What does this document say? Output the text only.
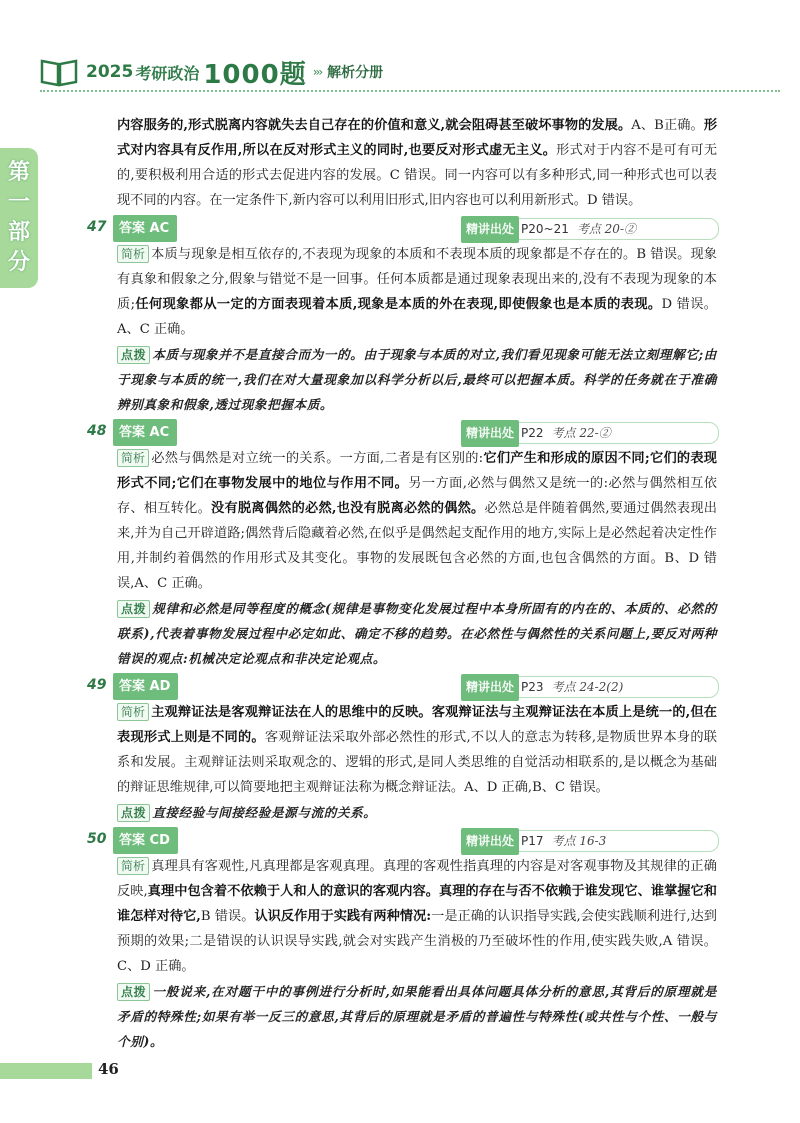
2025 考研政治 1000题 ››› 解析分册
第
一
部
分

内容服务的,形式脱离内容就失去自己存在的价值和意义,就会阻碍甚至破坏事物的发展。A、B正确。形式对内容具有反作用,所以在反对形式主义的同时,也要反对形式虚无主义。形式对于内容不是可有可无的,要积极利用合适的形式去促进内容的发展。C 错误。同一内容可以有多种形式,同一种形式也可以表现不同的内容。在一定条件下,新内容可以利用旧形式,旧内容也可以利用新形式。D 错误。

47 答案 AC	精讲出处 P20~21 考点 20-②

简析 本质与现象是相互依存的,不表现为现象的本质和不表现本质的现象都是不存在的。B 错误。现象有真象和假象之分,假象与错觉不是一回事。任何本质都是通过现象表现出来的,没有不表现为现象的本质;任何现象都从一定的方面表现着本质,现象是本质的外在表现,即使假象也是本质的表现。D 错误。A、C 正确。

点拨 本质与现象并不是直接合而为一的。由于现象与本质的对立,我们看见现象可能无法立刻理解它;由于现象与本质的统一,我们在对大量现象加以科学分析以后,最终可以把握本质。科学的任务就在于准确辨别真象和假象,透过现象把握本质。

48 答案 AC	精讲出处 P22 考点 22-②

简析 必然与偶然是对立统一的关系。一方面,二者是有区别的:它们产生和形成的原因不同;它们的表现形式不同;它们在事物发展中的地位与作用不同。另一方面,必然与偶然又是统一的:必然与偶然相互依存、相互转化。没有脱离偶然的必然,也没有脱离必然的偶然。必然总是伴随着偶然,要通过偶然表现出来,并为自己开辟道路;偶然背后隐藏着必然,在似乎是偶然起支配作用的地方,实际上是必然起着决定性作用,并制约着偶然的作用形式及其变化。事物的发展既包含必然的方面,也包含偶然的方面。B、D 错误,A、C 正确。

点拨 规律和必然是同等程度的概念(规律是事物变化发展过程中本身所固有的内在的、本质的、必然的联系),代表着事物发展过程中必定如此、确定不移的趋势。在必然性与偶然性的关系问题上,要反对两种错误的观点:机械决定论观点和非决定论观点。

49 答案 AD	精讲出处 P23 考点 24-2(2)

简析 主观辩证法是客观辩证法在人的思维中的反映。客观辩证法与主观辩证法在本质上是统一的,但在表现形式上则是不同的。客观辩证法采取外部必然性的形式,不以人的意志为转移,是物质世界本身的联系和发展。主观辩证法则采取观念的、逻辑的形式,是同人类思维的自觉活动相联系的,是以概念为基础的辩证思维规律,可以简要地把主观辩证法称为概念辩证法。A、D 正确,B、C 错误。

点拨 直接经验与间接经验是源与流的关系。

50 答案 CD	精讲出处 P17 考点 16-3

简析 真理具有客观性,凡真理都是客观真理。真理的客观性指真理的内容是对客观事物及其规律的正确反映,真理中包含着不依赖于人和人的意识的客观内容。真理的存在与否不依赖于谁发现它、谁掌握它和谁怎样对待它,B 错误。认识反作用于实践有两种情况:一是正确的认识指导实践,会使实践顺利进行,达到预期的效果;二是错误的认识误导实践,就会对实践产生消极的乃至破坏性的作用,使实践失败,A 错误。C、D 正确。

点拨 一般说来,在对题干中的事例进行分析时,如果能看出具体问题具体分析的意思,其背后的原理就是矛盾的特殊性;如果有举一反三的意思,其背后的原理就是矛盾的普遍性与特殊性(或共性与个性、一般与个别)。

46
